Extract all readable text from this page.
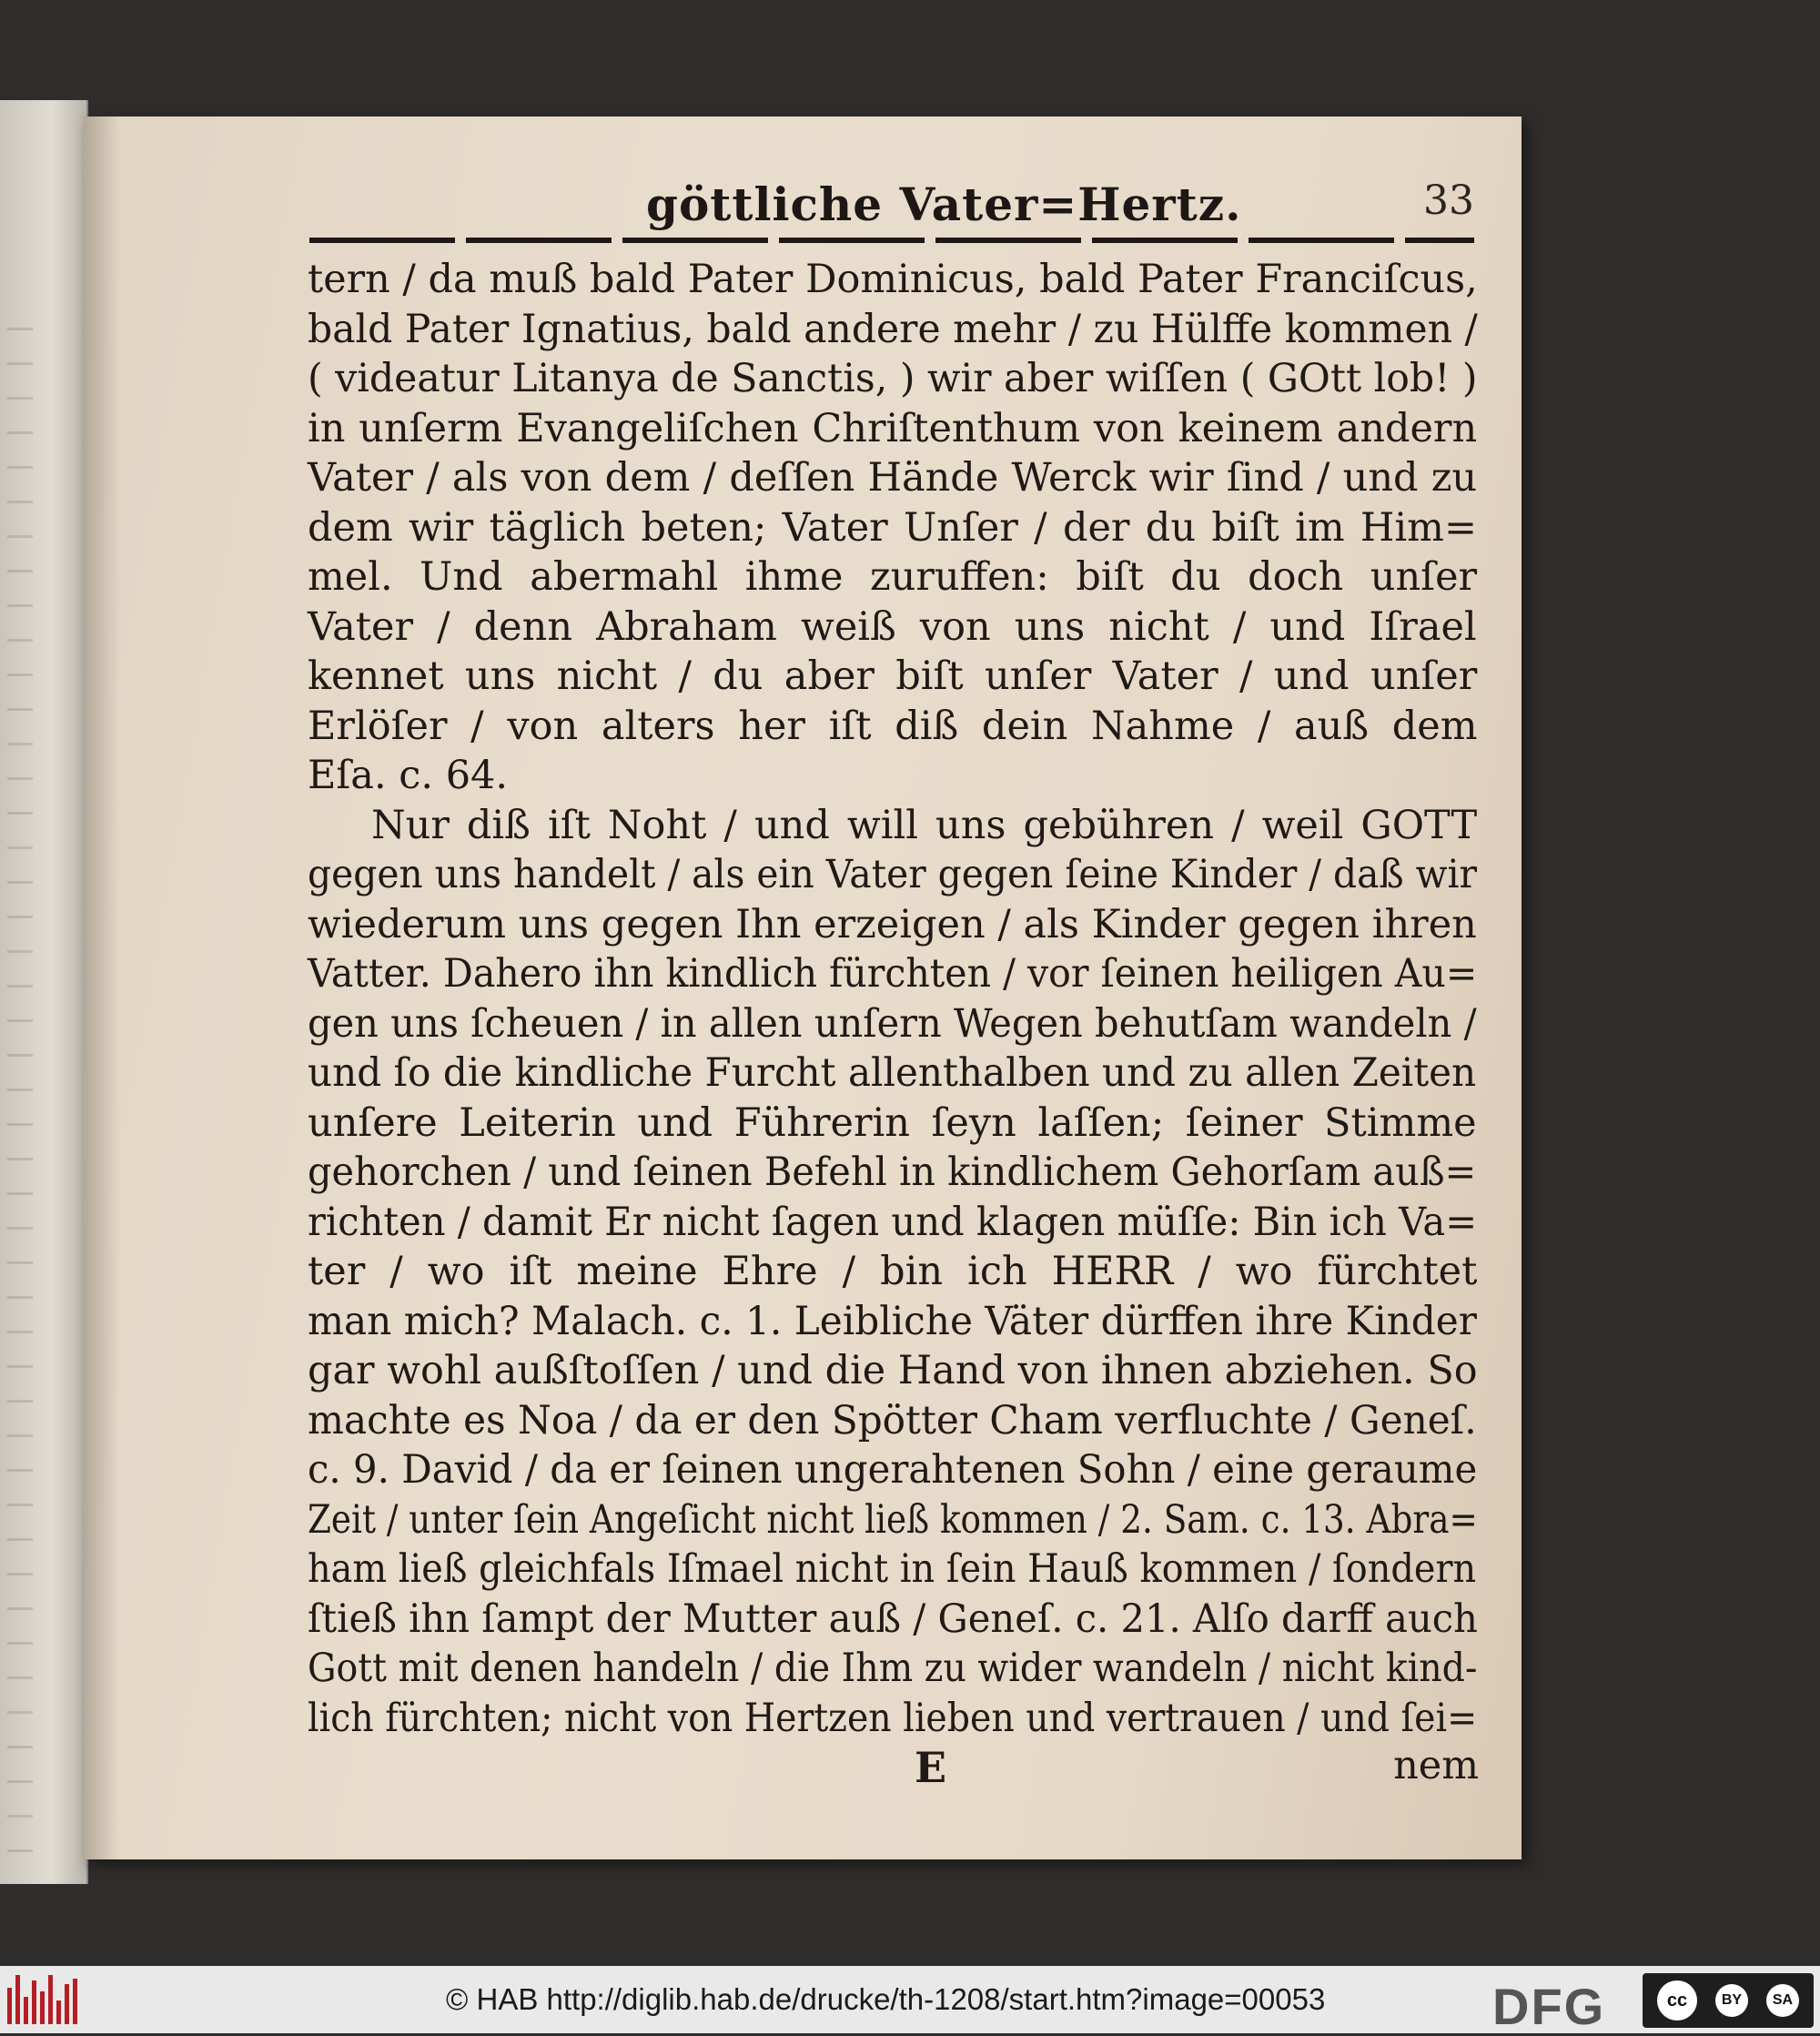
göttliche Vater=Hertz.	33
tern / da muß bald Pater Dominicus, bald Pater Franciſcus,
bald Pater Ignatius, bald andere mehr / zu Hülffe kommen /
( videatur Litanya de Sanctis, ) wir aber wiſſen ( GOtt lob! )
in unſerm Evangeliſchen Chriſtenthum von keinem andern
Vater / als von dem / deſſen Hände Werck wir ſind / und zu
dem wir täglich beten; Vater Unſer / der du biſt im Him=
mel. Und abermahl ihme zuruffen: biſt du doch unſer
Vater / denn Abraham weiß von uns nicht / und Iſrael
kennet uns nicht / du aber biſt unſer Vater / und unſer
Erlöſer / von alters her iſt diß dein Nahme / auß dem
Eſa. c. 64.
Nur diß iſt Noht / und will uns gebühren / weil GOTT
gegen uns handelt / als ein Vater gegen ſeine Kinder / daß wir
wiederum uns gegen Ihn erzeigen / als Kinder gegen ihren
Vatter. Dahero ihn kindlich fürchten / vor ſeinen heiligen Au=
gen uns ſcheuen / in allen unſern Wegen behutſam wandeln /
und ſo die kindliche Furcht allenthalben und zu allen Zeiten
unſere Leiterin und Führerin ſeyn laſſen; ſeiner Stimme
gehorchen / und ſeinen Befehl in kindlichem Gehorſam auß=
richten / damit Er nicht ſagen und klagen müſſe: Bin ich Va=
ter / wo iſt meine Ehre / bin ich HERR / wo fürchtet
man mich? Malach. c. 1. Leibliche Väter dürffen ihre Kinder
gar wohl außſtoſſen / und die Hand von ihnen abziehen. So
machte es Noa / da er den Spötter Cham verfluchte / Geneſ.
c. 9. David / da er ſeinen ungerahtenen Sohn / eine geraume
Zeit / unter ſein Angeſicht nicht ließ kommen / 2. Sam. c. 13. Abra=
ham ließ gleichfals Iſmael nicht in ſein Hauß kommen / ſondern
ſtieß ihn ſampt der Mutter auß / Geneſ. c. 21. Alſo darff auch
Gott mit denen handeln / die Ihm zu wider wandeln / nicht kind-
lich fürchten; nicht von Hertzen lieben und vertrauen / und ſei=
E	nem
© HAB http://diglib.hab.de/drucke/th-1208/start.htm?image=00053	DFG	cc	BY	SA
